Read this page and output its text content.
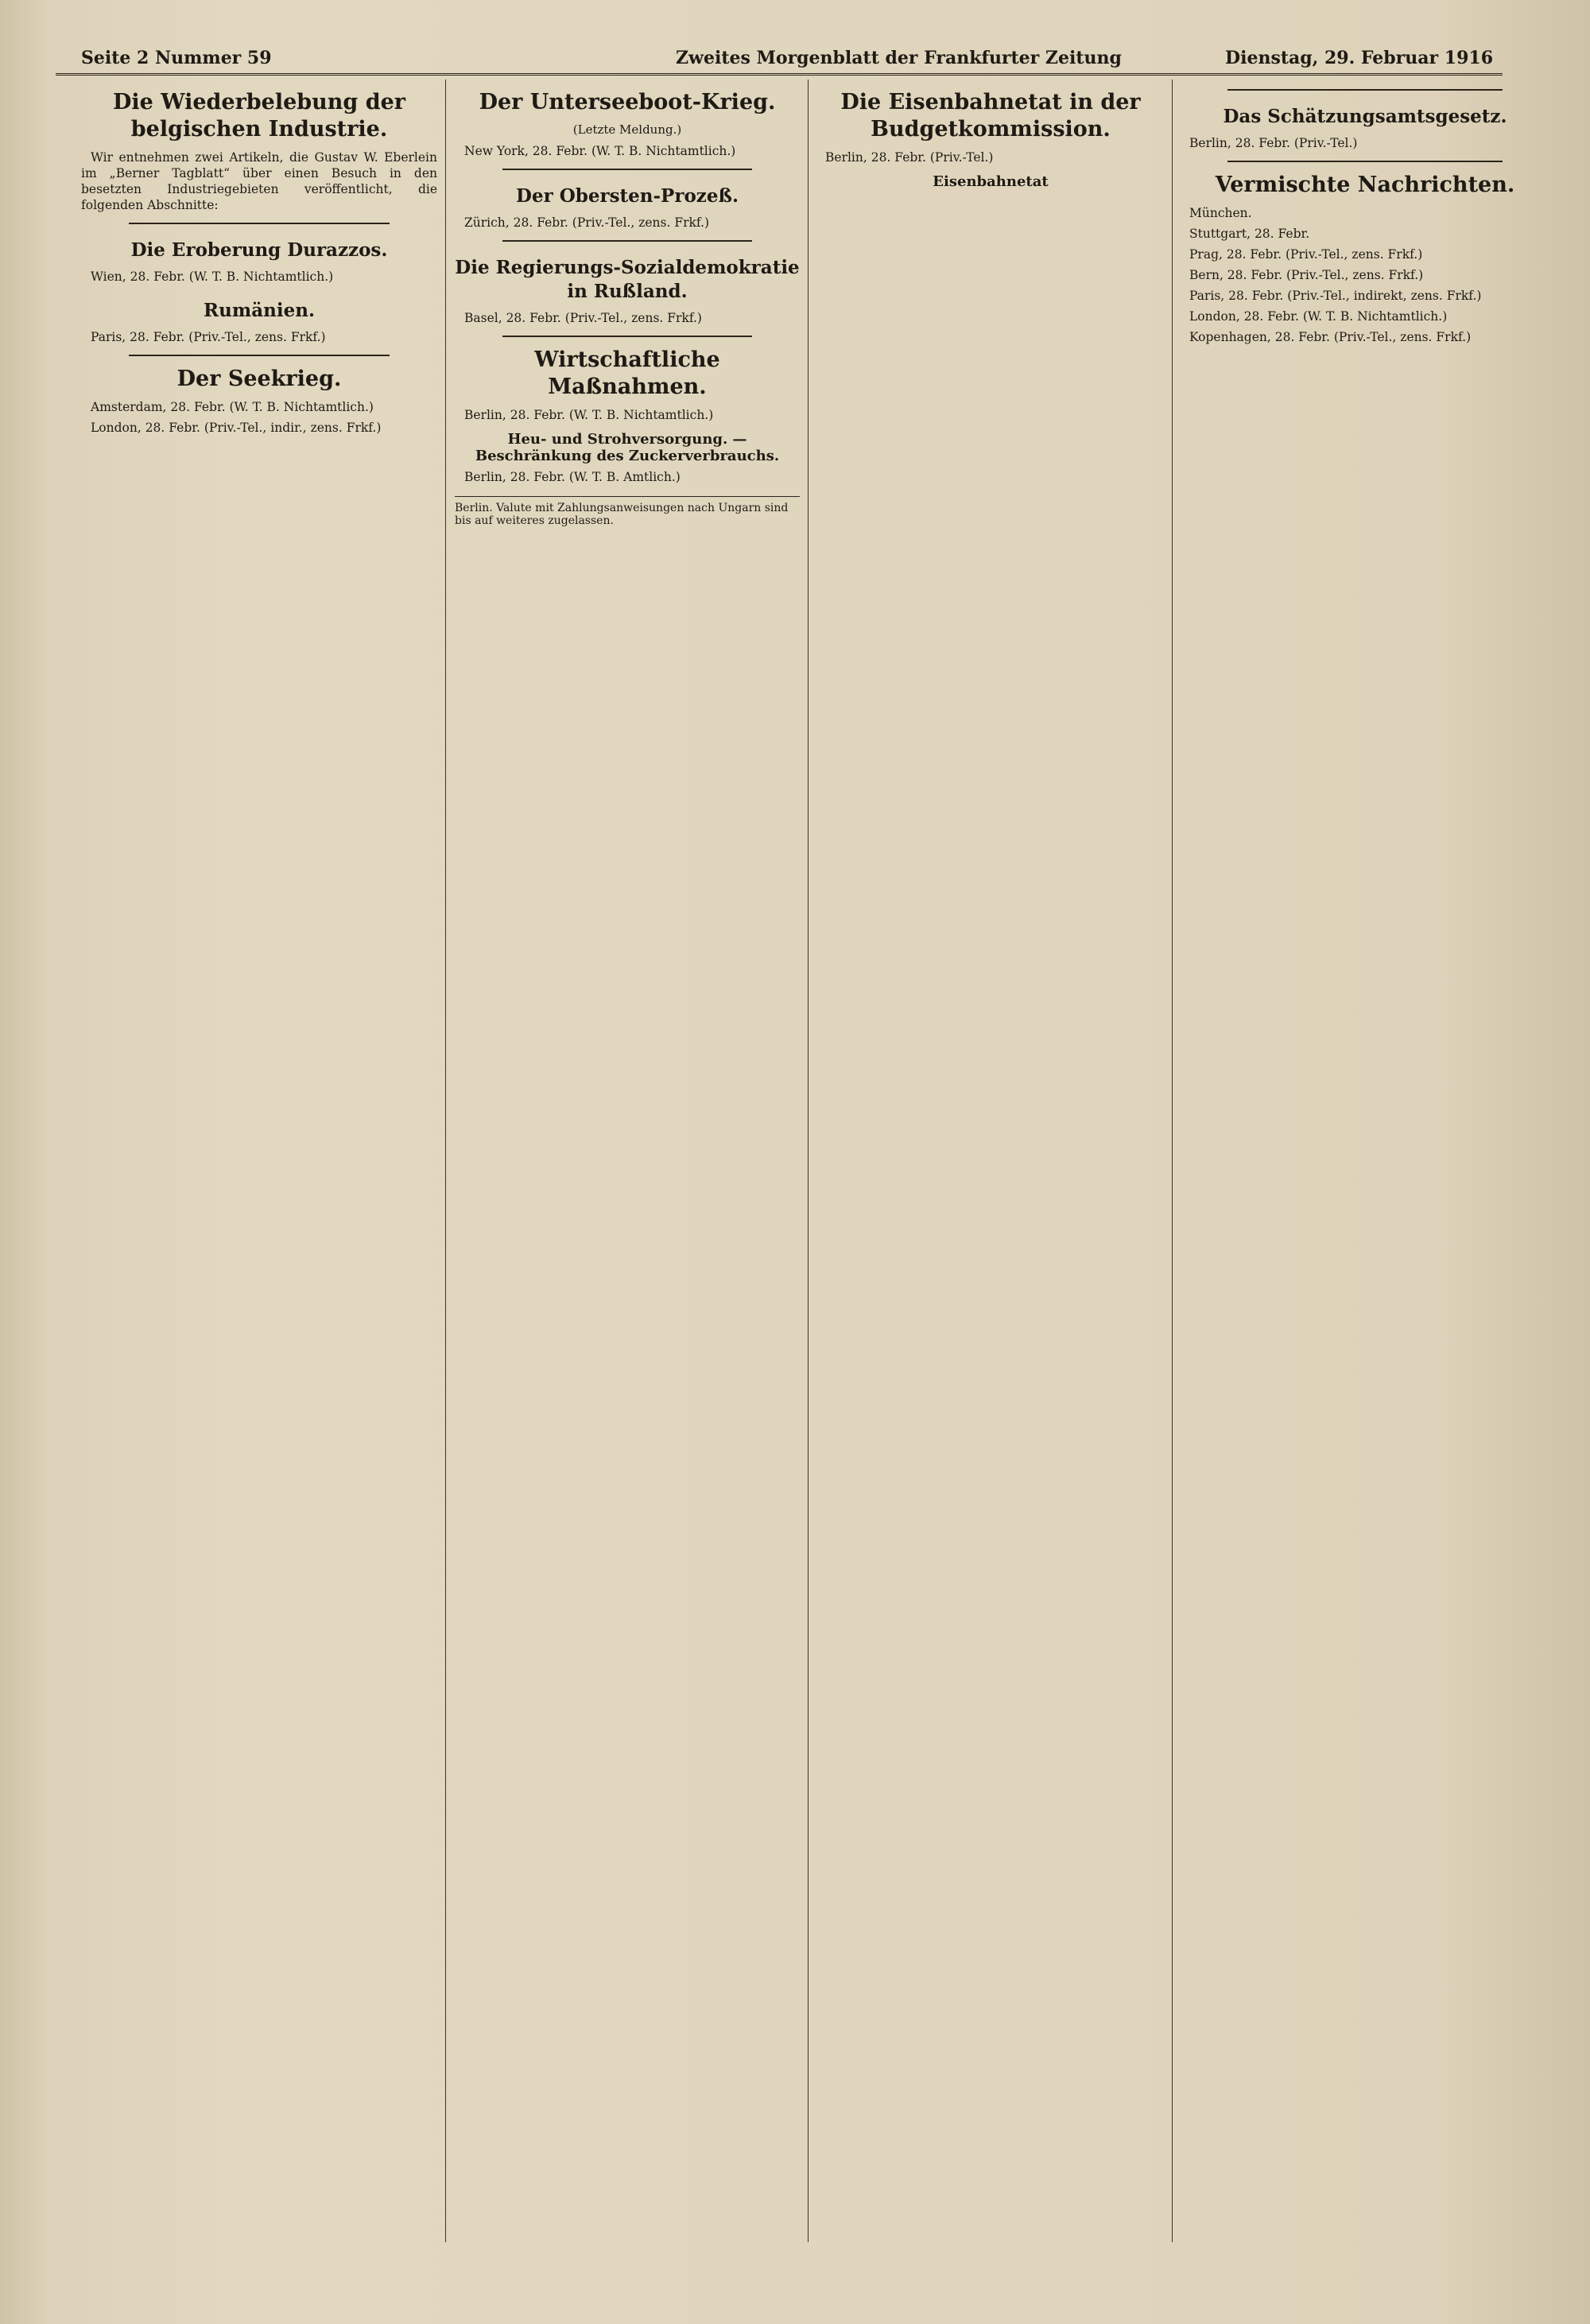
Seite 2 Nummer 59	Zweites Morgenblatt der Frankfurter Zeitung	Dienstag, 29. Februar 1916
Die Wiederbelebung der belgischen Industrie.

Wir entnehmen zwei Artikeln, die Gustav W. Eberlein im „Berner Tagblatt“ über einen Besuch in den besetzten Industriegebieten veröffentlicht, die folgenden Abschnitte:

Die Eroberung Durazzos.

Wien, 28. Febr. (W. T. B. Nichtamtlich.)

Rumänien.

Paris, 28. Febr. (Priv.-Tel., zens. Frkf.)

Der Seekrieg.

Amsterdam, 28. Febr. (W. T. B. Nichtamtlich.)

London, 28. Febr. (Priv.-Tel., indir., zens. Frkf.)

Der Unterseeboot-Krieg.

(Letzte Meldung.)

New York, 28. Febr. (W. T. B. Nichtamtlich.)

Der Obersten-Prozeß.

Zürich, 28. Febr. (Priv.-Tel., zens. Frkf.)

Die Regierungs-Sozialdemokratie in Rußland.

Basel, 28. Febr. (Priv.-Tel., zens. Frkf.)

Wirtschaftliche Maßnahmen.

Berlin, 28. Febr. (W. T. B. Nichtamtlich.)

Heu- und Strohversorgung. — Beschränkung des Zuckerverbrauchs.

Berlin, 28. Febr. (W. T. B. Amtlich.)

Berlin. Valute mit Zahlungsanweisungen nach Ungarn sind bis auf weiteres zugelassen.

Die Eisenbahnetat in der Budgetkommission.

Berlin, 28. Febr. (Priv.-Tel.)

Eisenbahnetat

Das Schätzungsamtsgesetz.

Berlin, 28. Febr. (Priv.-Tel.)

Vermischte Nachrichten.

München.

Stuttgart, 28. Febr.

Prag, 28. Febr. (Priv.-Tel., zens. Frkf.)

Bern, 28. Febr. (Priv.-Tel., zens. Frkf.)

Paris, 28. Febr. (Priv.-Tel., indirekt, zens. Frkf.)

London, 28. Febr. (W. T. B. Nichtamtlich.)

Kopenhagen, 28. Febr. (Priv.-Tel., zens. Frkf.)
